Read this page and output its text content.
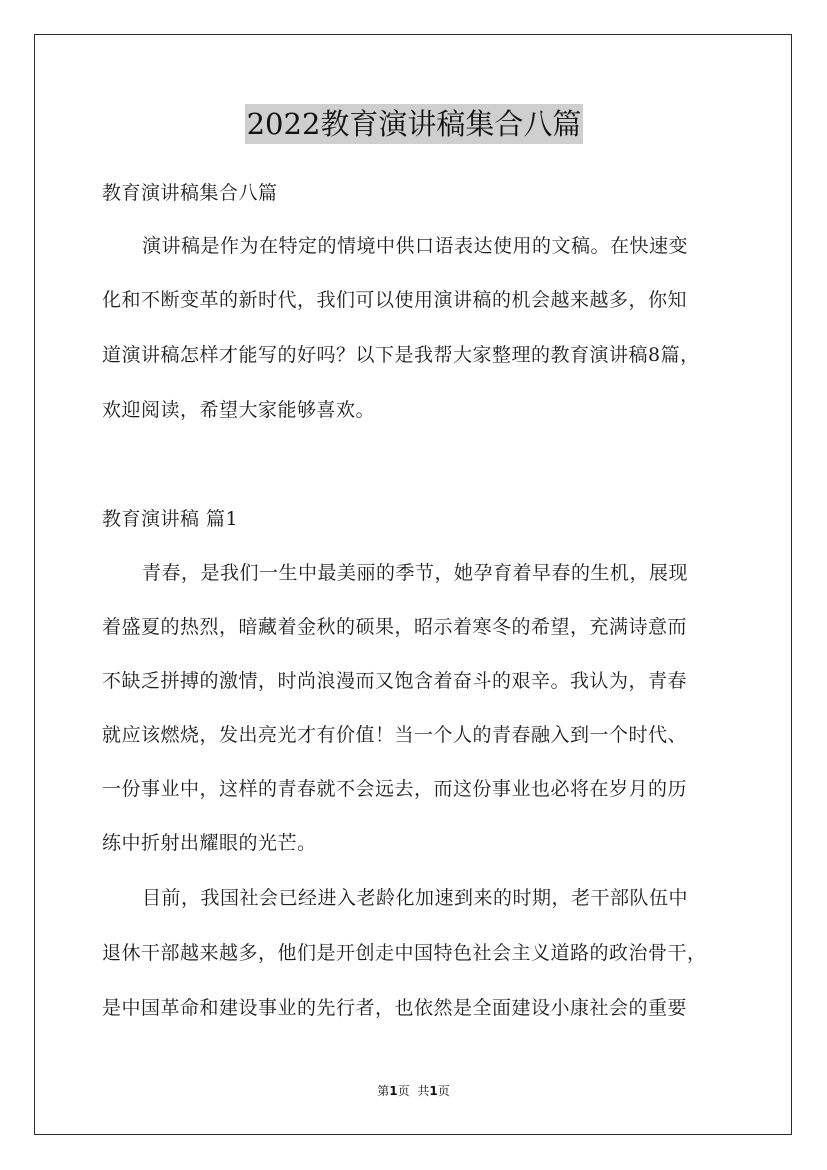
2022教育演讲稿集合八篇
教育演讲稿集合八篇
演讲稿是作为在特定的情境中供口语表达使用的文稿。在快速变
化和不断变革的新时代，我们可以使用演讲稿的机会越来越多，你知
道演讲稿怎样才能写的好吗？以下是我帮大家整理的教育演讲稿8篇，
欢迎阅读，希望大家能够喜欢。
教育演讲稿 篇1
青春，是我们一生中最美丽的季节，她孕育着早春的生机，展现
着盛夏的热烈，暗藏着金秋的硕果，昭示着寒冬的希望，充满诗意而
不缺乏拼搏的激情，时尚浪漫而又饱含着奋斗的艰辛。我认为，青春
就应该燃烧，发出亮光才有价值！当一个人的青春融入到一个时代、
一份事业中，这样的青春就不会远去，而这份事业也必将在岁月的历
练中折射出耀眼的光芒。
目前，我国社会已经进入老龄化加速到来的时期，老干部队伍中
退休干部越来越多，他们是开创走中国特色社会主义道路的政治骨干，
是中国革命和建设事业的先行者，也依然是全面建设小康社会的重要
第1页 共1页
